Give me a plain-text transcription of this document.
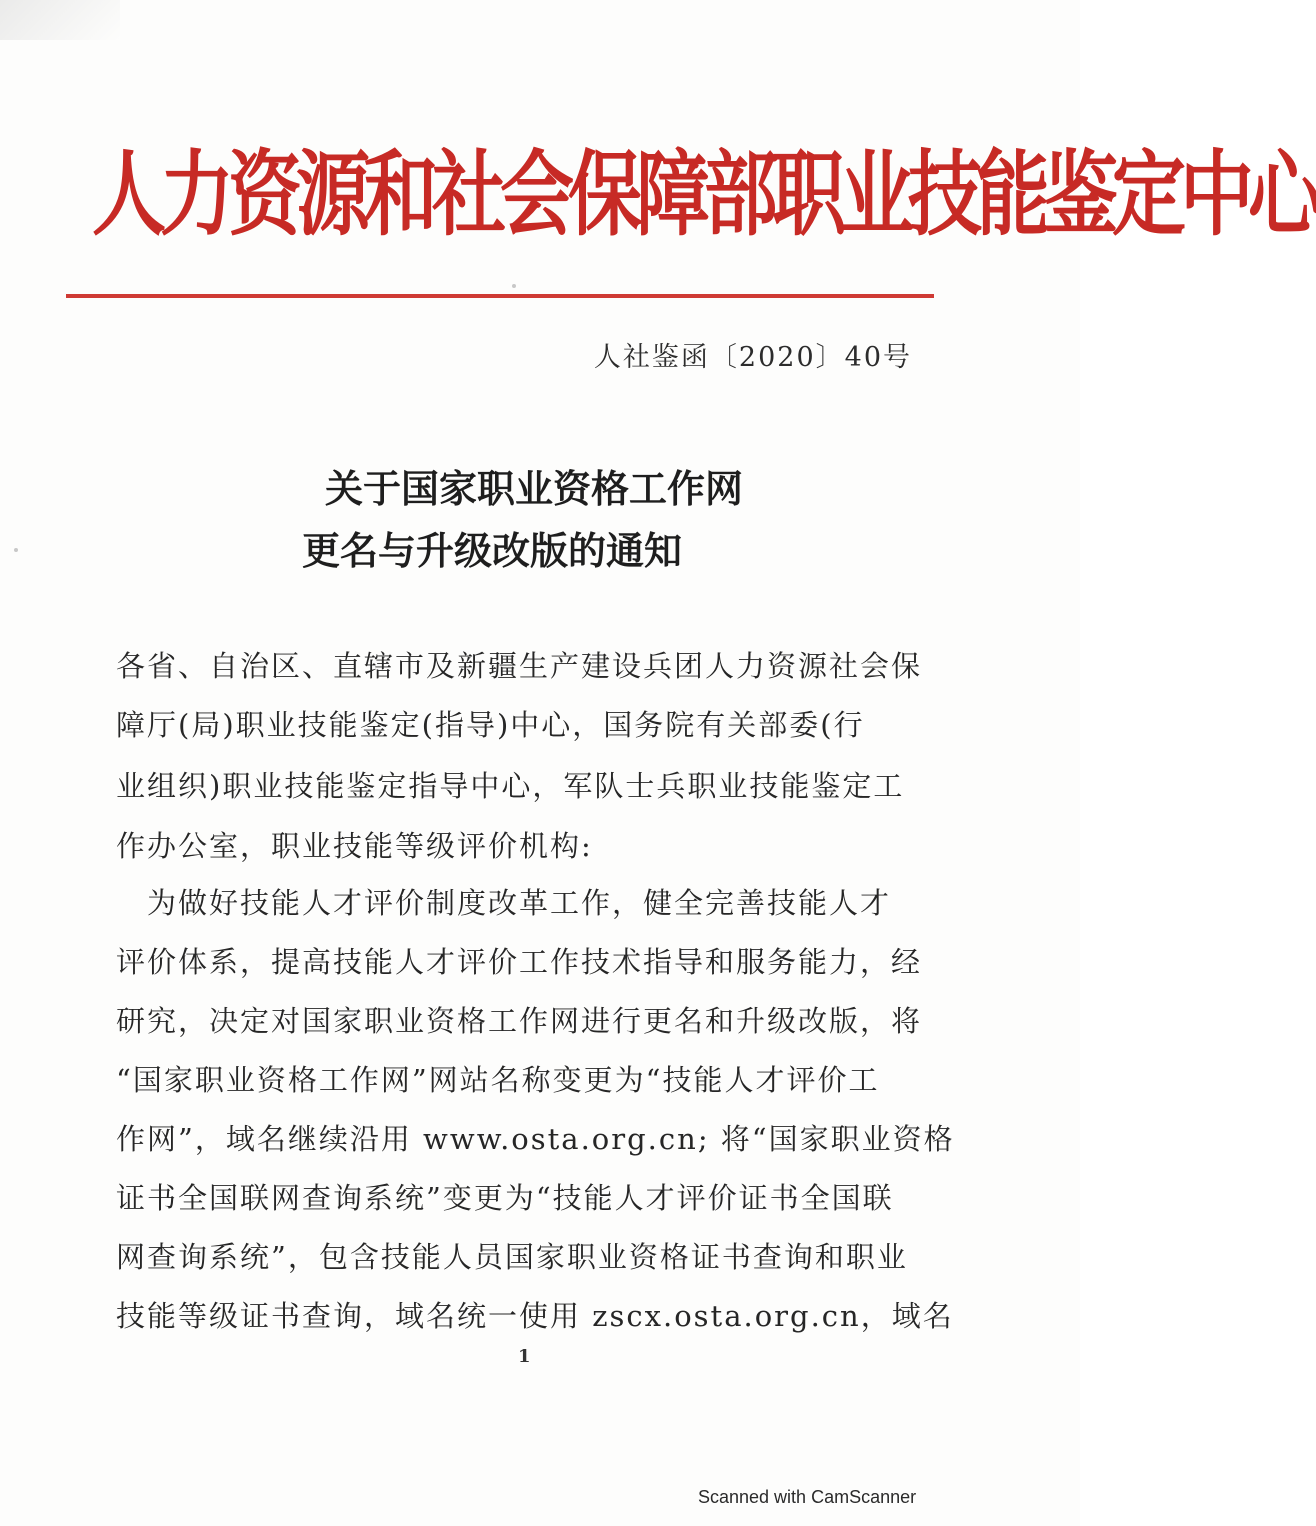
人力资源和社会保障部职业技能鉴定中心
人社鉴函〔2020〕40号
关于国家职业资格工作网
更名与升级改版的通知
各省、自治区、直辖市及新疆生产建设兵团人力资源社会保
障厅(局)职业技能鉴定(指导)中心，国务院有关部委(行
业组织)职业技能鉴定指导中心，军队士兵职业技能鉴定工
作办公室，职业技能等级评价机构:
　为做好技能人才评价制度改革工作，健全完善技能人才
评价体系，提高技能人才评价工作技术指导和服务能力，经
研究，决定对国家职业资格工作网进行更名和升级改版，将
“国家职业资格工作网”网站名称变更为“技能人才评价工
作网”，域名继续沿用 www.osta.org.cn; 将“国家职业资格
证书全国联网查询系统”变更为“技能人才评价证书全国联
网查询系统”，包含技能人员国家职业资格证书查询和职业
技能等级证书查询，域名统一使用 zscx.osta.org.cn，域名
1
Scanned with CamScanner
